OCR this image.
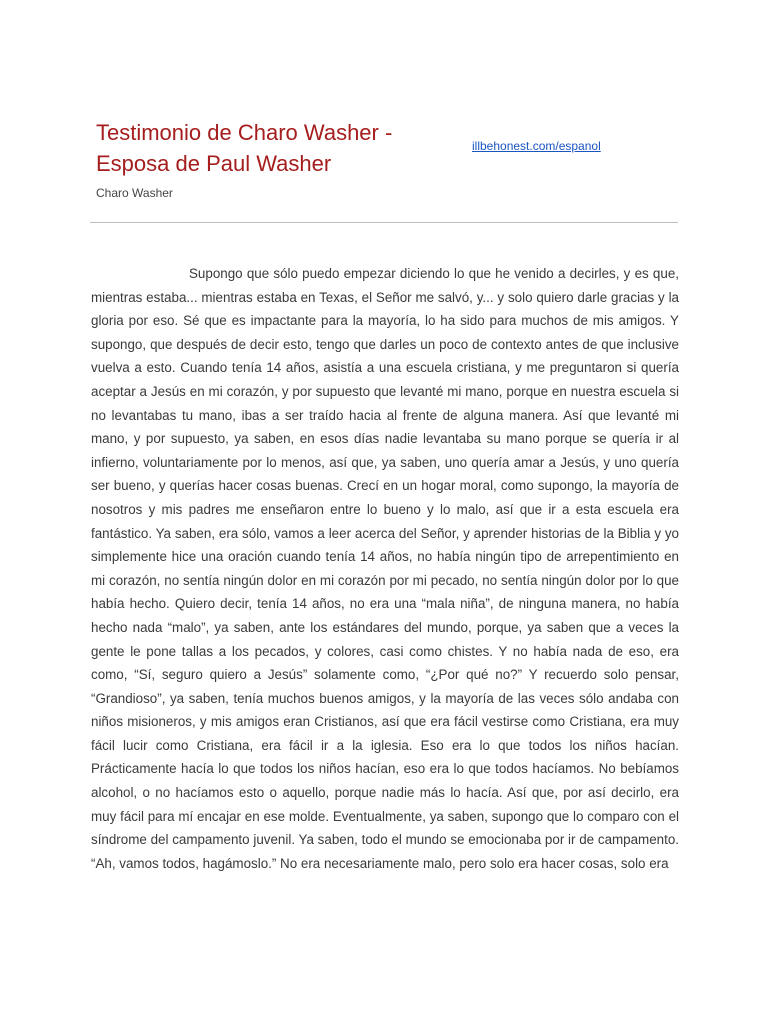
Testimonio de Charo Washer -
Esposa de Paul Washer
Charo Washer
illbehonest.com/espanol

Supongo que sólo puedo empezar diciendo lo que he venido a decirles, y es que, mientras estaba... mientras estaba en Texas, el Señor me salvó, y... y solo quiero darle gracias y la gloria por eso. Sé que es impactante para la mayoría, lo ha sido para muchos de mis amigos. Y supongo, que después de decir esto, tengo que darles un poco de contexto antes de que inclusive vuelva a esto. Cuando tenía 14 años, asistía a una escuela cristiana, y me preguntaron si quería aceptar a Jesús en mi corazón, y por supuesto que levanté mi mano, porque en nuestra escuela si no levantabas tu mano, ibas a ser traído hacia al frente de alguna manera. Así que levanté mi mano, y por supuesto, ya saben, en esos días nadie levantaba su mano porque se quería ir al infierno, voluntariamente por lo menos, así que, ya saben, uno quería amar a Jesús, y uno quería ser bueno, y querías hacer cosas buenas. Crecí en un hogar moral, como supongo, la mayoría de nosotros y mis padres me enseñaron entre lo bueno y lo malo, así que ir a esta escuela era fantástico. Ya saben, era sólo, vamos a leer acerca del Señor, y aprender historias de la Biblia y yo simplemente hice una oración cuando tenía 14 años, no había ningún tipo de arrepentimiento en mi corazón, no sentía ningún dolor en mi corazón por mi pecado, no sentía ningún dolor por lo que había hecho. Quiero decir, tenía 14 años, no era una “mala niña”, de ninguna manera, no había hecho nada “malo”, ya saben, ante los estándares del mundo, porque, ya saben que a veces la gente le pone tallas a los pecados, y colores, casi como chistes. Y no había nada de eso, era como, “Sí, seguro quiero a Jesús” solamente como, “¿Por qué no?” Y recuerdo solo pensar, “Grandioso”, ya saben, tenía muchos buenos amigos, y la mayoría de las veces sólo andaba con niños misioneros, y mis amigos eran Cristianos, así que era fácil vestirse como Cristiana, era muy fácil lucir como Cristiana, era fácil ir a la iglesia. Eso era lo que todos los niños hacían. Prácticamente hacía lo que todos los niños hacían, eso era lo que todos hacíamos. No bebíamos alcohol, o no hacíamos esto o aquello, porque nadie más lo hacía. Así que, por así decirlo, era muy fácil para mí encajar en ese molde. Eventualmente, ya saben, supongo que lo comparo con el síndrome del campamento juvenil. Ya saben, todo el mundo se emocionaba por ir de campamento. “Ah, vamos todos, hagámoslo.” No era necesariamente malo, pero solo era hacer cosas, solo era
